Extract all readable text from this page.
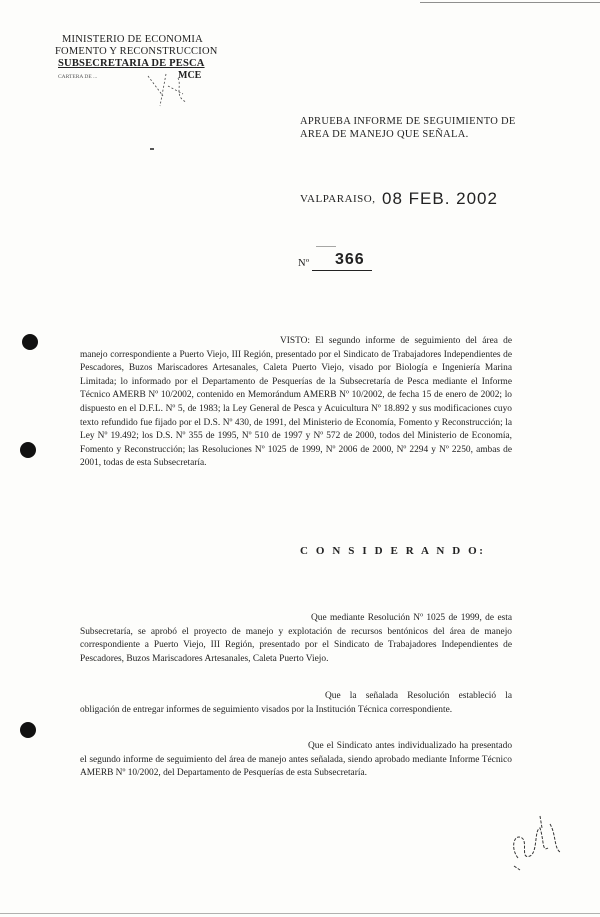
MINISTERIO DE ECONOMIA
FOMENTO Y RECONSTRUCCION
SUBSECRETARIA DE PESCA
CARTERA DE ...	MCE
APRUEBA INFORME DE SEGUIMIENTO DE
AREA DE MANEJO QUE SEÑALA.
VALPARAISO, 08 FEB. 2002
Nº 366
VISTO: El segundo informe de seguimiento del área de manejo correspondiente a Puerto Viejo, III Región, presentado por el Sindicato de Trabajadores Independientes de Pescadores, Buzos Mariscadores Artesanales, Caleta Puerto Viejo, visado por Biología e Ingeniería Marina Limitada; lo informado por el Departamento de Pesquerías de la Subsecretaría de Pesca mediante el Informe Técnico AMERB Nº 10/2002, contenido en Memorándum AMERB Nº 10/2002, de fecha 15 de enero de 2002; lo dispuesto en el D.F.L. Nº 5, de 1983; la Ley General de Pesca y Acuicultura Nº 18.892 y sus modificaciones cuyo texto refundido fue fijado por el D.S. Nº 430, de 1991, del Ministerio de Economía, Fomento y Reconstrucción; la Ley Nº 19.492; los D.S. Nº 355 de 1995, Nº 510 de 1997 y Nº 572 de 2000, todos del Ministerio de Economía, Fomento y Reconstrucción; las Resoluciones Nº 1025 de 1999, Nº 2006 de 2000, Nº 2294 y Nº 2250, ambas de 2001, todas de esta Subsecretaría.
C O N S I D E R A N D O:
Que mediante Resolución Nº 1025 de 1999, de esta Subsecretaría, se aprobó el proyecto de manejo y explotación de recursos bentónicos del área de manejo correspondiente a Puerto Viejo, III Región, presentado por el Sindicato de Trabajadores Independientes de Pescadores, Buzos Mariscadores Artesanales, Caleta Puerto Viejo.
Que la señalada Resolución estableció la obligación de entregar informes de seguimiento visados por la Institución Técnica correspondiente.
Que el Sindicato antes individualizado ha presentado el segundo informe de seguimiento del área de manejo antes señalada, siendo aprobado mediante Informe Técnico AMERB Nº 10/2002, del Departamento de Pesquerías de esta Subsecretaría.
